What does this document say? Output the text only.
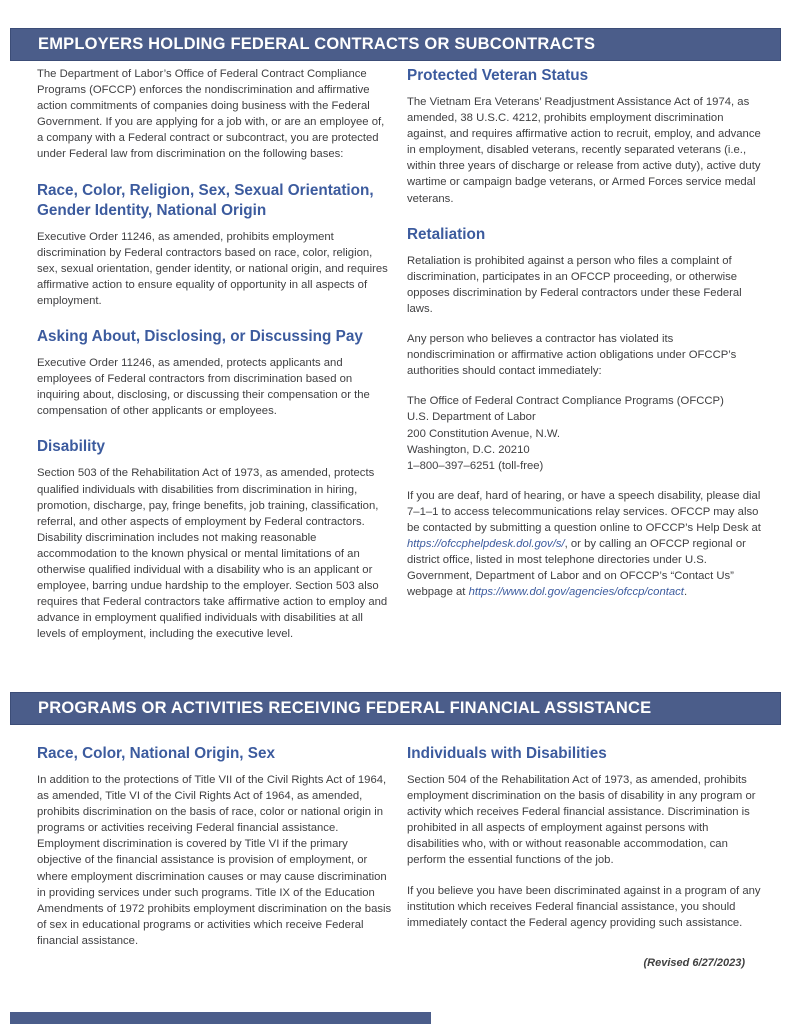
EMPLOYERS HOLDING FEDERAL CONTRACTS OR SUBCONTRACTS

The Department of Labor’s Office of Federal Contract Compliance Programs (OFCCP) enforces the nondiscrimination and affirmative action commitments of companies doing business with the Federal Government. If you are applying for a job with, or are an employee of, a company with a Federal contract or subcontract, you are protected under Federal law from discrimination on the following bases:

Race, Color, Religion, Sex, Sexual Orientation, Gender Identity, National Origin

Executive Order 11246, as amended, prohibits employment discrimination by Federal contractors based on race, color, religion, sex, sexual orientation, gender identity, or national origin, and requires affirmative action to ensure equality of opportunity in all aspects of employment.

Asking About, Disclosing, or Discussing Pay

Executive Order 11246, as amended, protects applicants and employees of Federal contractors from discrimination based on inquiring about, disclosing, or discussing their compensation or the compensation of other applicants or employees.

Disability

Section 503 of the Rehabilitation Act of 1973, as amended, protects qualified individuals with disabilities from discrimination in hiring, promotion, discharge, pay, fringe benefits, job training, classification, referral, and other aspects of employment by Federal contractors. Disability discrimination includes not making reasonable accommodation to the known physical or mental limitations of an otherwise qualified individual with a disability who is an applicant or employee, barring undue hardship to the employer. Section 503 also requires that Federal contractors take affirmative action to employ and advance in employment qualified individuals with disabilities at all levels of employment, including the executive level.

Protected Veteran Status

The Vietnam Era Veterans’ Readjustment Assistance Act of 1974, as amended, 38 U.S.C. 4212, prohibits employment discrimination against, and requires affirmative action to recruit, employ, and advance in employment, disabled veterans, recently separated veterans (i.e., within three years of discharge or release from active duty), active duty wartime or campaign badge veterans, or Armed Forces service medal veterans.

Retaliation

Retaliation is prohibited against a person who files a complaint of discrimination, participates in an OFCCP proceeding, or otherwise opposes discrimination by Federal contractors under these Federal laws.

Any person who believes a contractor has violated its nondiscrimination or affirmative action obligations under OFCCP’s authorities should contact immediately:

The Office of Federal Contract Compliance Programs (OFCCP)
U.S. Department of Labor
200 Constitution Avenue, N.W.
Washington, D.C. 20210
1–800–397–6251 (toll-free)

If you are deaf, hard of hearing, or have a speech disability, please dial 7–1–1 to access telecommunications relay services. OFCCP may also be contacted by submitting a question online to OFCCP’s Help Desk at https://ofccphelpdesk.dol.gov/s/, or by calling an OFCCP regional or district office, listed in most telephone directories under U.S. Government, Department of Labor and on OFCCP’s “Contact Us” webpage at https://www.dol.gov/agencies/ofccp/contact.

PROGRAMS OR ACTIVITIES RECEIVING FEDERAL FINANCIAL ASSISTANCE
Race, Color, National Origin, Sex

In addition to the protections of Title VII of the Civil Rights Act of 1964, as amended, Title VI of the Civil Rights Act of 1964, as amended, prohibits discrimination on the basis of race, color or national origin in programs or activities receiving Federal financial assistance. Employment discrimination is covered by Title VI if the primary objective of the financial assistance is provision of employment, or where employment discrimination causes or may cause discrimination in providing services under such programs. Title IX of the Education Amendments of 1972 prohibits employment discrimination on the basis of sex in educational programs or activities which receive Federal financial assistance.

Individuals with Disabilities

Section 504 of the Rehabilitation Act of 1973, as amended, prohibits employment discrimination on the basis of disability in any program or activity which receives Federal financial assistance. Discrimination is prohibited in all aspects of employment against persons with disabilities who, with or without reasonable accommodation, can perform the essential functions of the job.

If you believe you have been discriminated against in a program of any institution which receives Federal financial assistance, you should immediately contact the Federal agency providing such assistance.

(Revised 6/27/2023)
